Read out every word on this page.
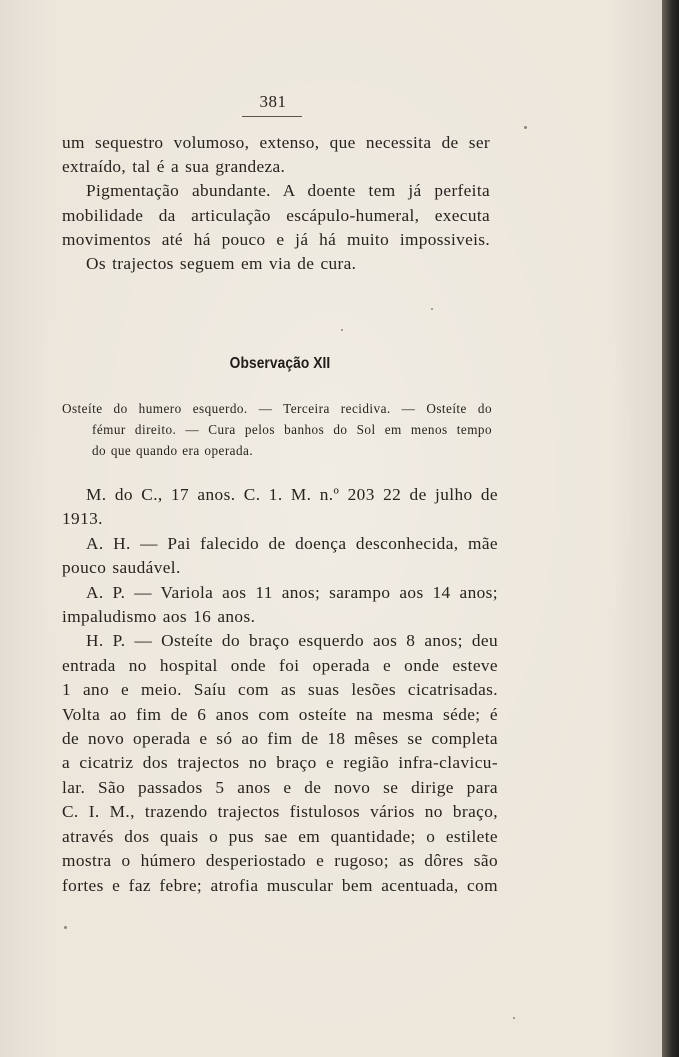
381
um sequestro volumoso, extenso, que necessita de ser
extraído, tal é a sua grandeza.
Pigmentação abundante. A doente tem já perfeita
mobilidade da articulação escápulo-humeral, executa
movimentos até há pouco e já há muito impossiveis.
Os trajectos seguem em via de cura.
Observação XII
Osteíte do humero esquerdo. — Terceira recidiva. — Osteíte do
fémur direito. — Cura pelos banhos do Sol em menos tempo
do que quando era operada.
M. do C., 17 anos. C. 1. M. n.º 203 22 de julho de
1913.
A. H. — Pai falecido de doença desconhecida, mãe
pouco saudável.
A. P. — Variola aos 11 anos; sarampo aos 14 anos;
impaludismo aos 16 anos.
H. P. — Osteíte do braço esquerdo aos 8 anos; deu
entrada no hospital onde foi operada e onde esteve
1 ano e meio. Saíu com as suas lesões cicatrisadas.
Volta ao fim de 6 anos com osteíte na mesma séde; é
de novo operada e só ao fim de 18 mêses se completa
a cicatriz dos trajectos no braço e região infra-clavicu-
lar. São passados 5 anos e de novo se dirige para
C. I. M., trazendo trajectos fistulosos vários no braço,
através dos quais o pus sae em quantidade; o estilete
mostra o húmero desperiostado e rugoso; as dôres são
fortes e faz febre; atrofia muscular bem acentuada, com
